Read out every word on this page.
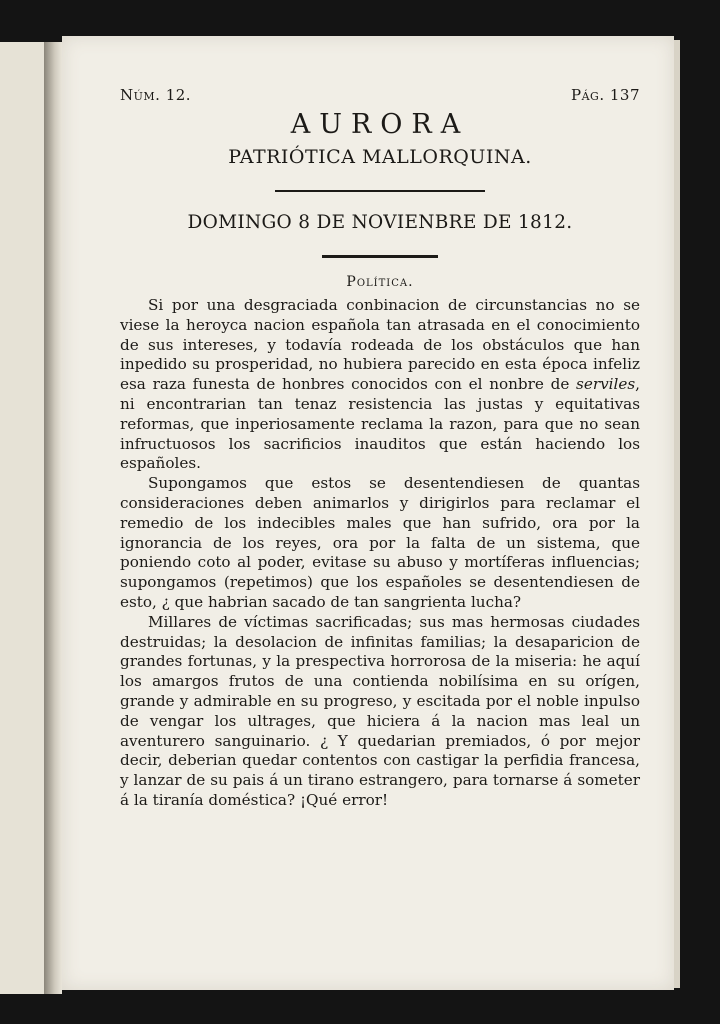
Núm. 12.	Pág. 137
AURORA
PATRIÓTICA MALLORQUINA.
DOMINGO 8 DE NOVIENBRE DE 1812.
Política.

Si por una desgraciada conbinacion de circunstancias no se viese la heroyca nacion española tan atrasada en el conocimiento de sus intereses, y todavía rodeada de los obstáculos que han inpedido su prosperidad, no hubiera parecido en esta época infeliz esa raza funesta de honbres conocidos con el nonbre de serviles, ni encontrarian tan tenaz resistencia las justas y equitativas reformas, que inperiosamente reclama la razon, para que no sean infructuosos los sacrificios inauditos que están haciendo los españoles.

Supongamos que estos se desentendiesen de quantas consideraciones deben animarlos y dirigirlos para reclamar el remedio de los indecibles males que han sufrido, ora por la ignorancia de los reyes, ora por la falta de un sistema, que poniendo coto al poder, evitase su abuso y mortíferas influencias; supongamos (repetimos) que los españoles se desentendiesen de esto, ¿ que habrian sacado de tan sangrienta lucha?

Millares de víctimas sacrificadas; sus mas hermosas ciudades destruidas; la desolacion de infinitas familias; la desaparicion de grandes fortunas, y la prespectiva horrorosa de la miseria: he aquí los amargos frutos de una contienda nobilísima en su orígen, grande y admirable en su progreso, y escitada por el noble inpulso de vengar los ultrages, que hiciera á la nacion mas leal un aventurero sanguinario. ¿ Y quedarian premiados, ó por mejor decir, deberian quedar contentos con castigar la perfidia francesa, y lanzar de su pais á un tirano estrangero, para tornarse á someter á la tiranía doméstica? ¡Qué error!
